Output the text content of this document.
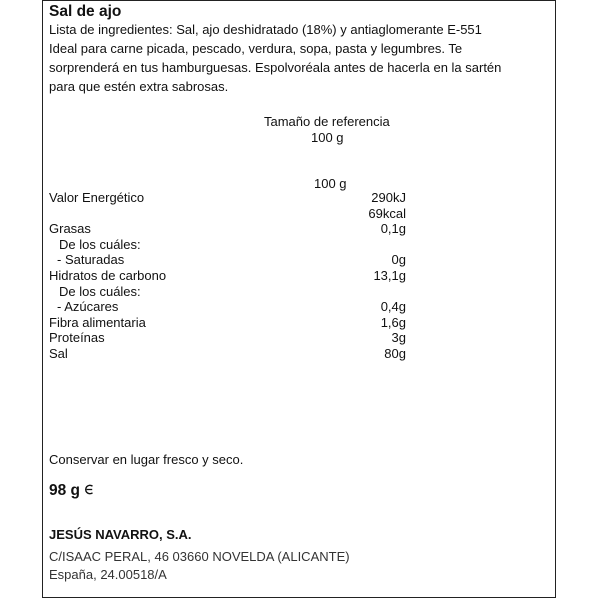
Sal de ajo
Lista de ingredientes: Sal, ajo deshidratado (18%) y antiaglomerante E-551
Ideal para carne picada, pescado, verdura, sopa, pasta y legumbres. Te
sorprenderá en tus hamburguesas. Espolvoréala antes de hacerla en la sartén
para que estén extra sabrosas.
Tamaño de referencia
100 g
100 g
Valor Energético	290kJ
	69kcal
Grasas	0,1g
De los cuáles:	
- Saturadas	0g
Hidratos de carbono	13,1g
De los cuáles:	
- Azúcares	0,4g
Fibra alimentaria	1,6g
Proteínas	3g
Sal	80g
Conservar en lugar fresco y seco.
98 g
JESÚS NAVARRO, S.A.
C/ISAAC PERAL, 46 03660 NOVELDA (ALICANTE)
España, 24.00518/A
